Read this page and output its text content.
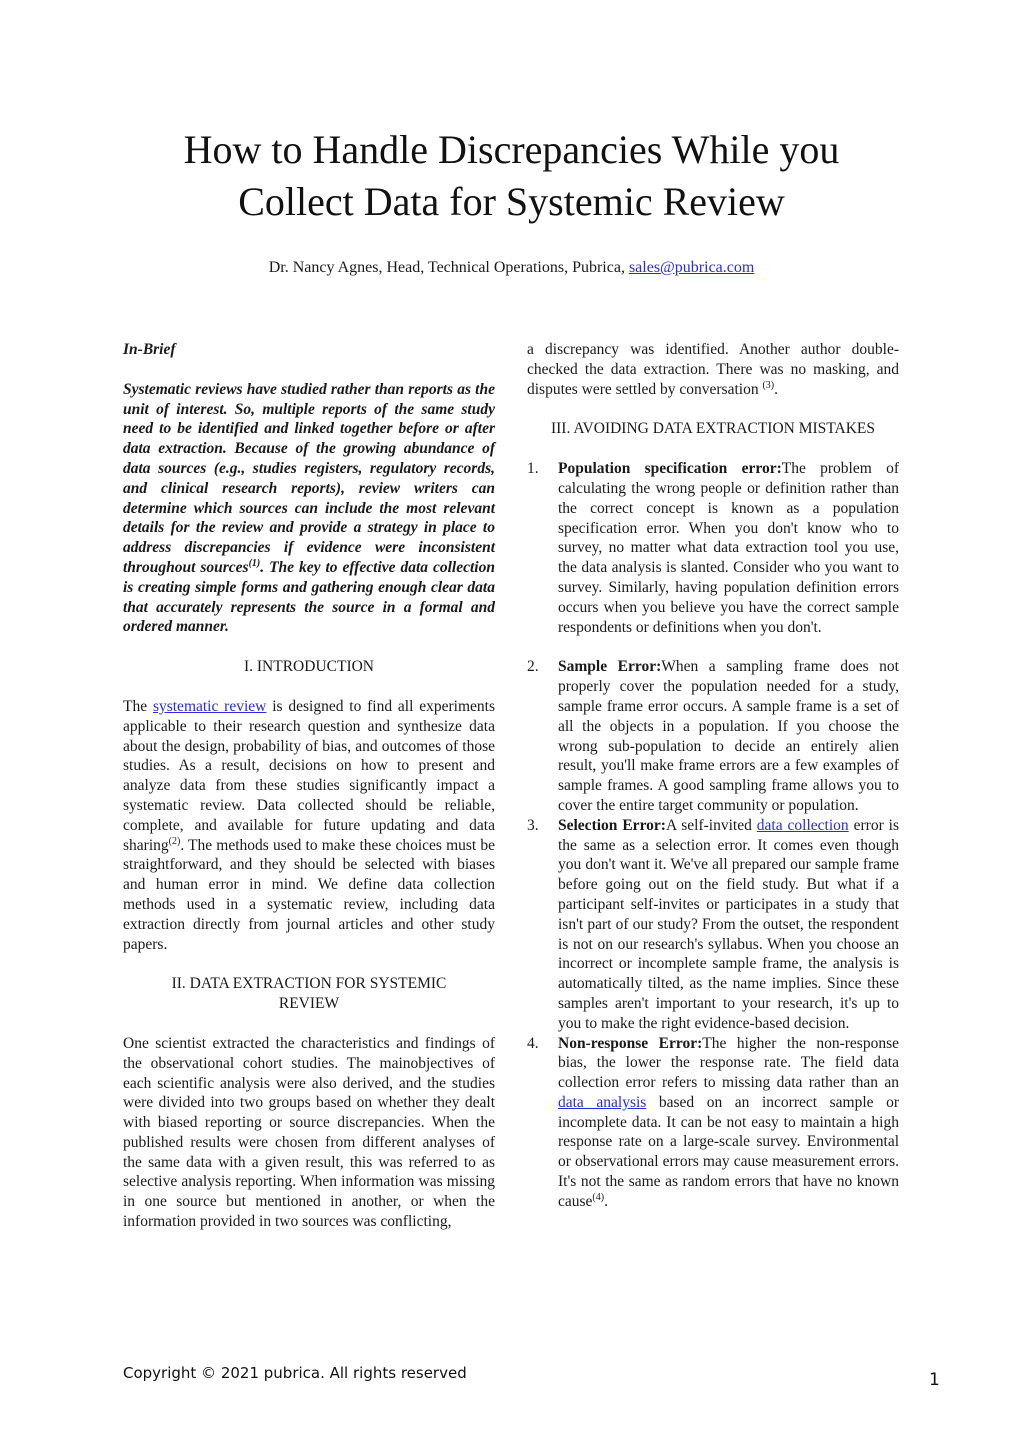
How to Handle Discrepancies While you
Collect Data for Systemic Review
Dr. Nancy Agnes, Head, Technical Operations, Pubrica, sales@pubrica.com

In-Brief

Systematic reviews have studied rather than reports as the unit of interest. So, multiple reports of the same study need to be identified and linked together before or after data extraction. Because of the growing abundance of data sources (e.g., studies registers, regulatory records, and clinical research reports), review writers can determine which sources can include the most relevant details for the review and provide a strategy in place to address discrepancies if evidence were inconsistent throughout sources$^{(1)}$. The key to effective data collection is creating simple forms and gathering enough clear data that accurately represents the source in a formal and ordered manner.

I. INTRODUCTION

The systematic review is designed to find all experiments applicable to their research question and synthesize data about the design, probability of bias, and outcomes of those studies. As a result, decisions on how to present and analyze data from these studies significantly impact a systematic review. Data collected should be reliable, complete, and available for future updating and data sharing$^{(2)}$. The methods used to make these choices must be straightforward, and they should be selected with biases and human error in mind. We define data collection methods used in a systematic review, including data extraction directly from journal articles and other study papers.

II. DATA EXTRACTION FOR SYSTEMIC
REVIEW

One scientist extracted the characteristics and findings of the observational cohort studies. The mainobjectives of each scientific analysis were also derived, and the studies were divided into two groups based on whether they dealt with biased reporting or source discrepancies. When the published results were chosen from different analyses of the same data with a given result, this was referred to as selective analysis reporting. When information was missing in one source but mentioned in another, or when the information provided in two sources was conflicting,

a discrepancy was identified. Another author double-checked the data extraction. There was no masking, and disputes were settled by conversation $^{(3)}$.

III. AVOIDING DATA EXTRACTION MISTAKES

1.	Population specification error:The problem of calculating the wrong people or definition rather than the correct concept is known as a population specification error. When you don't know who to survey, no matter what data extraction tool you use, the data analysis is slanted. Consider who you want to survey. Similarly, having population definition errors occurs when you believe you have the correct sample respondents or definitions when you don't.
2.	Sample Error:When a sampling frame does not properly cover the population needed for a study, sample frame error occurs. A sample frame is a set of all the objects in a population. If you choose the wrong sub-population to decide an entirely alien result, you'll make frame errors are a few examples of sample frames. A good sampling frame allows you to cover the entire target community or population.
3.	Selection Error:A self-invited data collection error is the same as a selection error. It comes even though you don't want it. We've all prepared our sample frame before going out on the field study. But what if a participant self-invites or participates in a study that isn't part of our study? From the outset, the respondent is not on our research's syllabus. When you choose an incorrect or incomplete sample frame, the analysis is automatically tilted, as the name implies. Since these samples aren't important to your research, it's up to you to make the right evidence-based decision.
4.	Non-response Error:The higher the non-response bias, the lower the response rate. The field data collection error refers to missing data rather than an data analysis based on an incorrect sample or incomplete data. It can be not easy to maintain a high response rate on a large-scale survey. Environmental or observational errors may cause measurement errors. It's not the same as random errors that have no known cause$^{(4)}$.
Copyright © 2021 pubrica. All rights reserved	1
